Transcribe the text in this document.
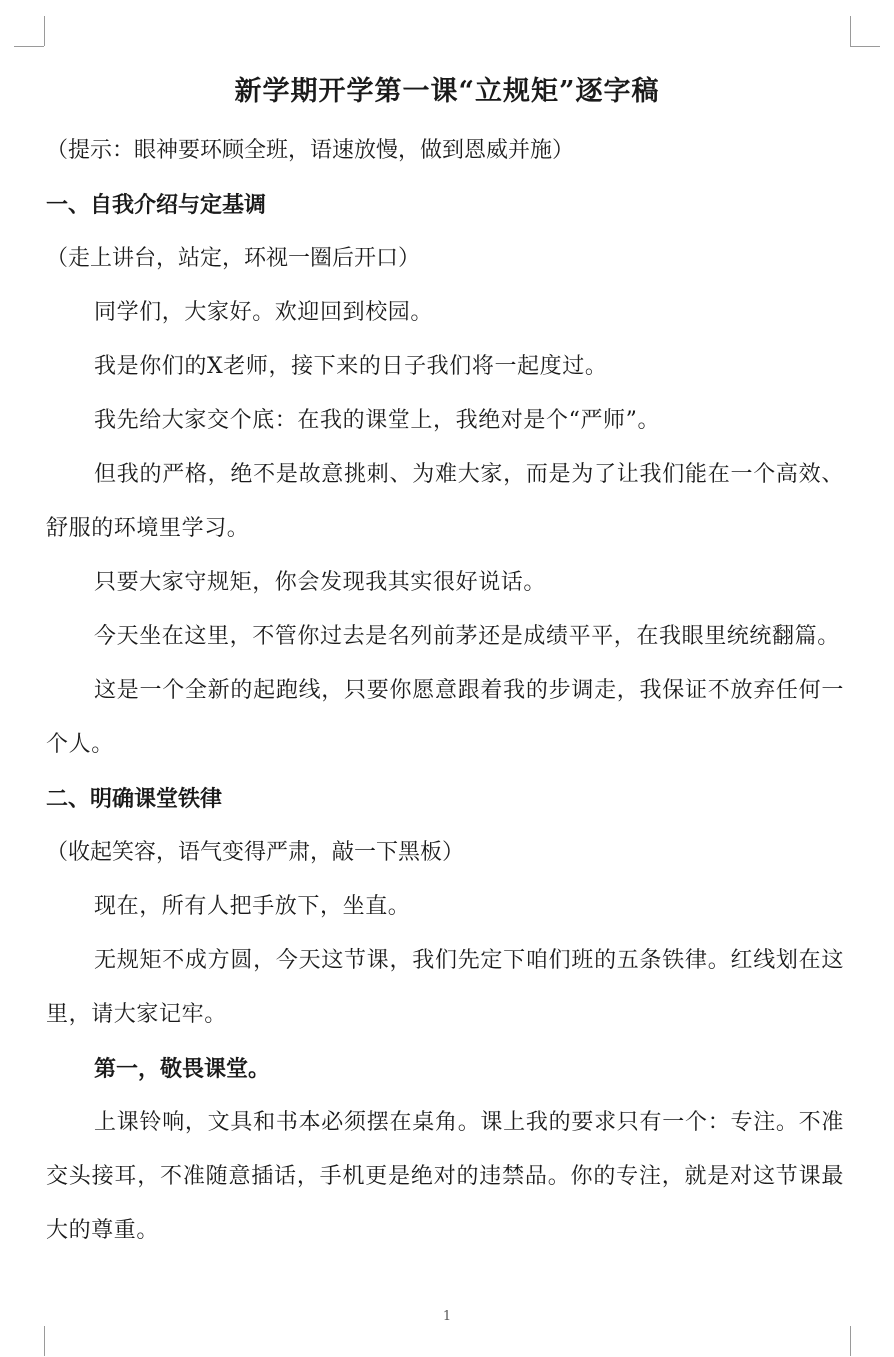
新学期开学第一课“立规矩”逐字稿

（提示：眼神要环顾全班，语速放慢，做到恩威并施）

一、自我介绍与定基调

（走上讲台，站定，环视一圈后开口）

同学们，大家好。欢迎回到校园。

我是你们的X老师，接下来的日子我们将一起度过。

我先给大家交个底：在我的课堂上，我绝对是个“严师”。

但我的严格，绝不是故意挑刺、为难大家，而是为了让我们能在一个高效、舒服的环境里学习。

只要大家守规矩，你会发现我其实很好说话。

今天坐在这里，不管你过去是名列前茅还是成绩平平，在我眼里统统翻篇。

这是一个全新的起跑线，只要你愿意跟着我的步调走，我保证不放弃任何一个人。

二、明确课堂铁律

（收起笑容，语气变得严肃，敲一下黑板）

现在，所有人把手放下，坐直。

无规矩不成方圆，今天这节课，我们先定下咱们班的五条铁律。红线划在这里，请大家记牢。

第一，敬畏课堂。

上课铃响，文具和书本必须摆在桌角。课上我的要求只有一个：专注。不准交头接耳，不准随意插话，手机更是绝对的违禁品。你的专注，就是对这节课最大的尊重。

1
